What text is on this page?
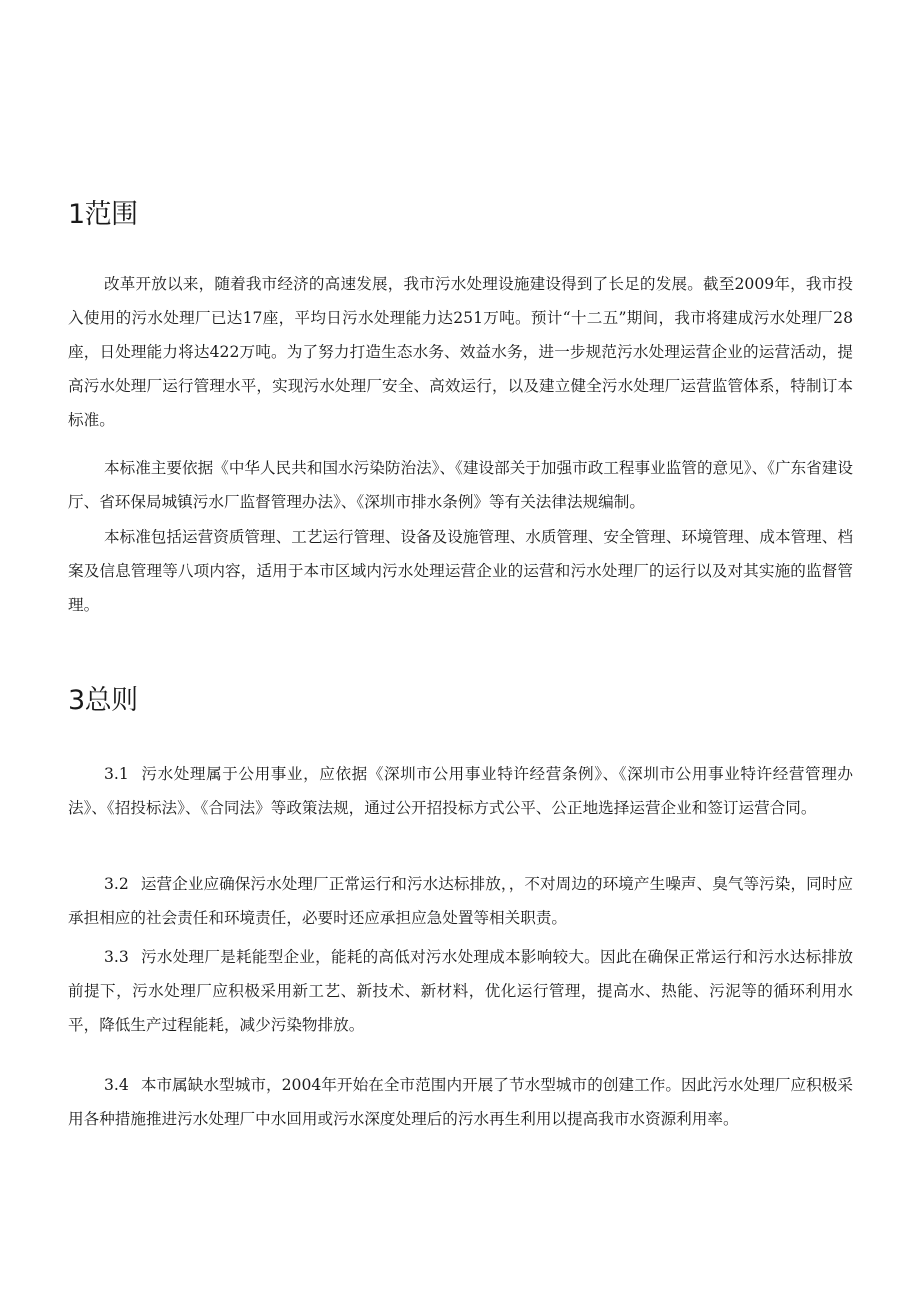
1范围

改革开放以来，随着我市经济的高速发展，我市污水处理设施建设得到了长足的发展。截至2009年，我市投入使用的污水处理厂已达17座，平均日污水处理能力达251万吨。预计“十二五”期间，我市将建成污水处理厂28座，日处理能力将达422万吨。为了努力打造生态水务、效益水务，进一步规范污水处理运营企业的运营活动，提高污水处理厂运行管理水平，实现污水处理厂安全、高效运行，以及建立健全污水处理厂运营监管体系，特制订本标准。

本标准主要依据《中华人民共和国水污染防治法》、《建设部关于加强市政工程事业监管的意见》、《广东省建设厅、省环保局城镇污水厂监督管理办法》、《深圳市排水条例》等有关法律法规编制。

本标准包括运营资质管理、工艺运行管理、设备及设施管理、水质管理、安全管理、环境管理、成本管理、档案及信息管理等八项内容，适用于本市区域内污水处理运营企业的运营和污水处理厂的运行以及对其实施的监督管理。

3总则

3.1 污水处理属于公用事业，应依据《深圳市公用事业特许经营条例》、《深圳市公用事业特许经营管理办法》、《招投标法》、《合同法》等政策法规，通过公开招投标方式公平、公正地选择运营企业和签订运营合同。

3.2 运营企业应确保污水处理厂正常运行和污水达标排放，，不对周边的环境产生噪声、臭气等污染，同时应承担相应的社会责任和环境责任，必要时还应承担应急处置等相关职责。

3.3 污水处理厂是耗能型企业，能耗的高低对污水处理成本影响较大。因此在确保正常运行和污水达标排放前提下，污水处理厂应积极采用新工艺、新技术、新材料，优化运行管理，提高水、热能、污泥等的循环利用水平，降低生产过程能耗，减少污染物排放。

3.4 本市属缺水型城市，2004年开始在全市范围内开展了节水型城市的创建工作。因此污水处理厂应积极采用各种措施推进污水处理厂中水回用或污水深度处理后的污水再生利用以提高我市水资源利用率。
